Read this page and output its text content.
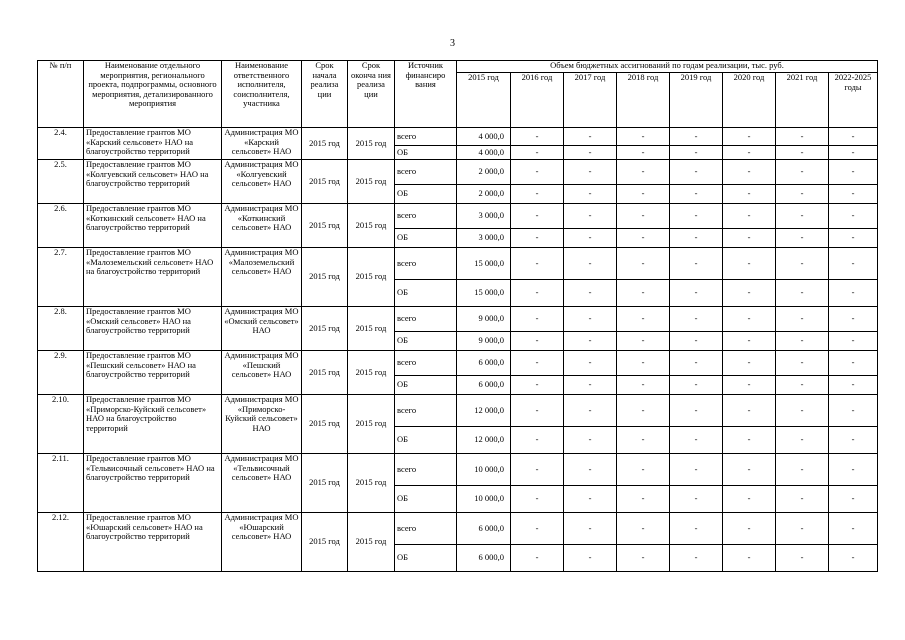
3
№ п/п	Наименование отдельного мероприятия, регионального проекта, подпрограммы, основного мероприятия, детализированного мероприятия	Наименование ответственного исполнителя, соисполнителя, участника	Срок начала реализа ции	Срок оконча ния реализа ции	Источник финансиро вания	Объем бюджетных ассигнований по годам реализации, тыс. руб.							
						2015 год	2016 год	2017 год	2018 год	2019 год	2020 год	2021 год	2022-2025 годы
2.4.	Предоставление грантов МО «Карский сельсовет» НАО на благоустройство территорий	Администрация МО «Карский сельсовет» НАО	2015 год	2015 год	всего	4 000,0	-	-	-	-	-	-	-
					ОБ	4 000,0	-	-	-	-	-	-	-
2.5.	Предоставление грантов МО «Колгуевский сельсовет» НАО на благоустройство территорий	Администрация МО «Колгуевский сельсовет» НАО	2015 год	2015 год	всего	2 000,0	-	-	-	-	-	-	-
					ОБ	2 000,0	-	-	-	-	-	-	-
2.6.	Предоставление грантов МО «Коткинский сельсовет» НАО на благоустройство территорий	Администрация МО «Коткинский сельсовет» НАО	2015 год	2015 год	всего	3 000,0	-	-	-	-	-	-	-
					ОБ	3 000,0	-	-	-	-	-	-	-
2.7.	Предоставление грантов МО «Малоземельский сельсовет» НАО на благоустройство территорий	Администрация МО «Малоземельский сельсовет» НАО	2015 год	2015 год	всего	15 000,0	-	-	-	-	-	-	-
					ОБ	15 000,0	-	-	-	-	-	-	-
2.8.	Предоставление грантов МО «Омский сельсовет» НАО на благоустройство территорий	Администрация МО «Омский сельсовет» НАО	2015 год	2015 год	всего	9 000,0	-	-	-	-	-	-	-
					ОБ	9 000,0	-	-	-	-	-	-	-
2.9.	Предоставление грантов МО «Пешский сельсовет» НАО на благоустройство территорий	Администрация МО «Пешский сельсовет» НАО	2015 год	2015 год	всего	6 000,0	-	-	-	-	-	-	-
					ОБ	6 000,0	-	-	-	-	-	-	-
2.10.	Предоставление грантов МО «Приморско-Куйский сельсовет» НАО на благоустройство территорий	Администрация МО «Приморско-Куйский сельсовет» НАО	2015 год	2015 год	всего	12 000,0	-	-	-	-	-	-	-
					ОБ	12 000,0	-	-	-	-	-	-	-
2.11.	Предоставление грантов МО «Тельвисочный сельсовет» НАО на благоустройство территорий	Администрация МО «Тельвисочный сельсовет» НАО	2015 год	2015 год	всего	10 000,0	-	-	-	-	-	-	-
					ОБ	10 000,0	-	-	-	-	-	-	-
2.12.	Предоставление грантов МО «Юшарский сельсовет» НАО на благоустройство территорий	Администрация МО «Юшарский сельсовет» НАО	2015 год	2015 год	всего	6 000,0	-	-	-	-	-	-	-
					ОБ	6 000,0	-	-	-	-	-	-	-
